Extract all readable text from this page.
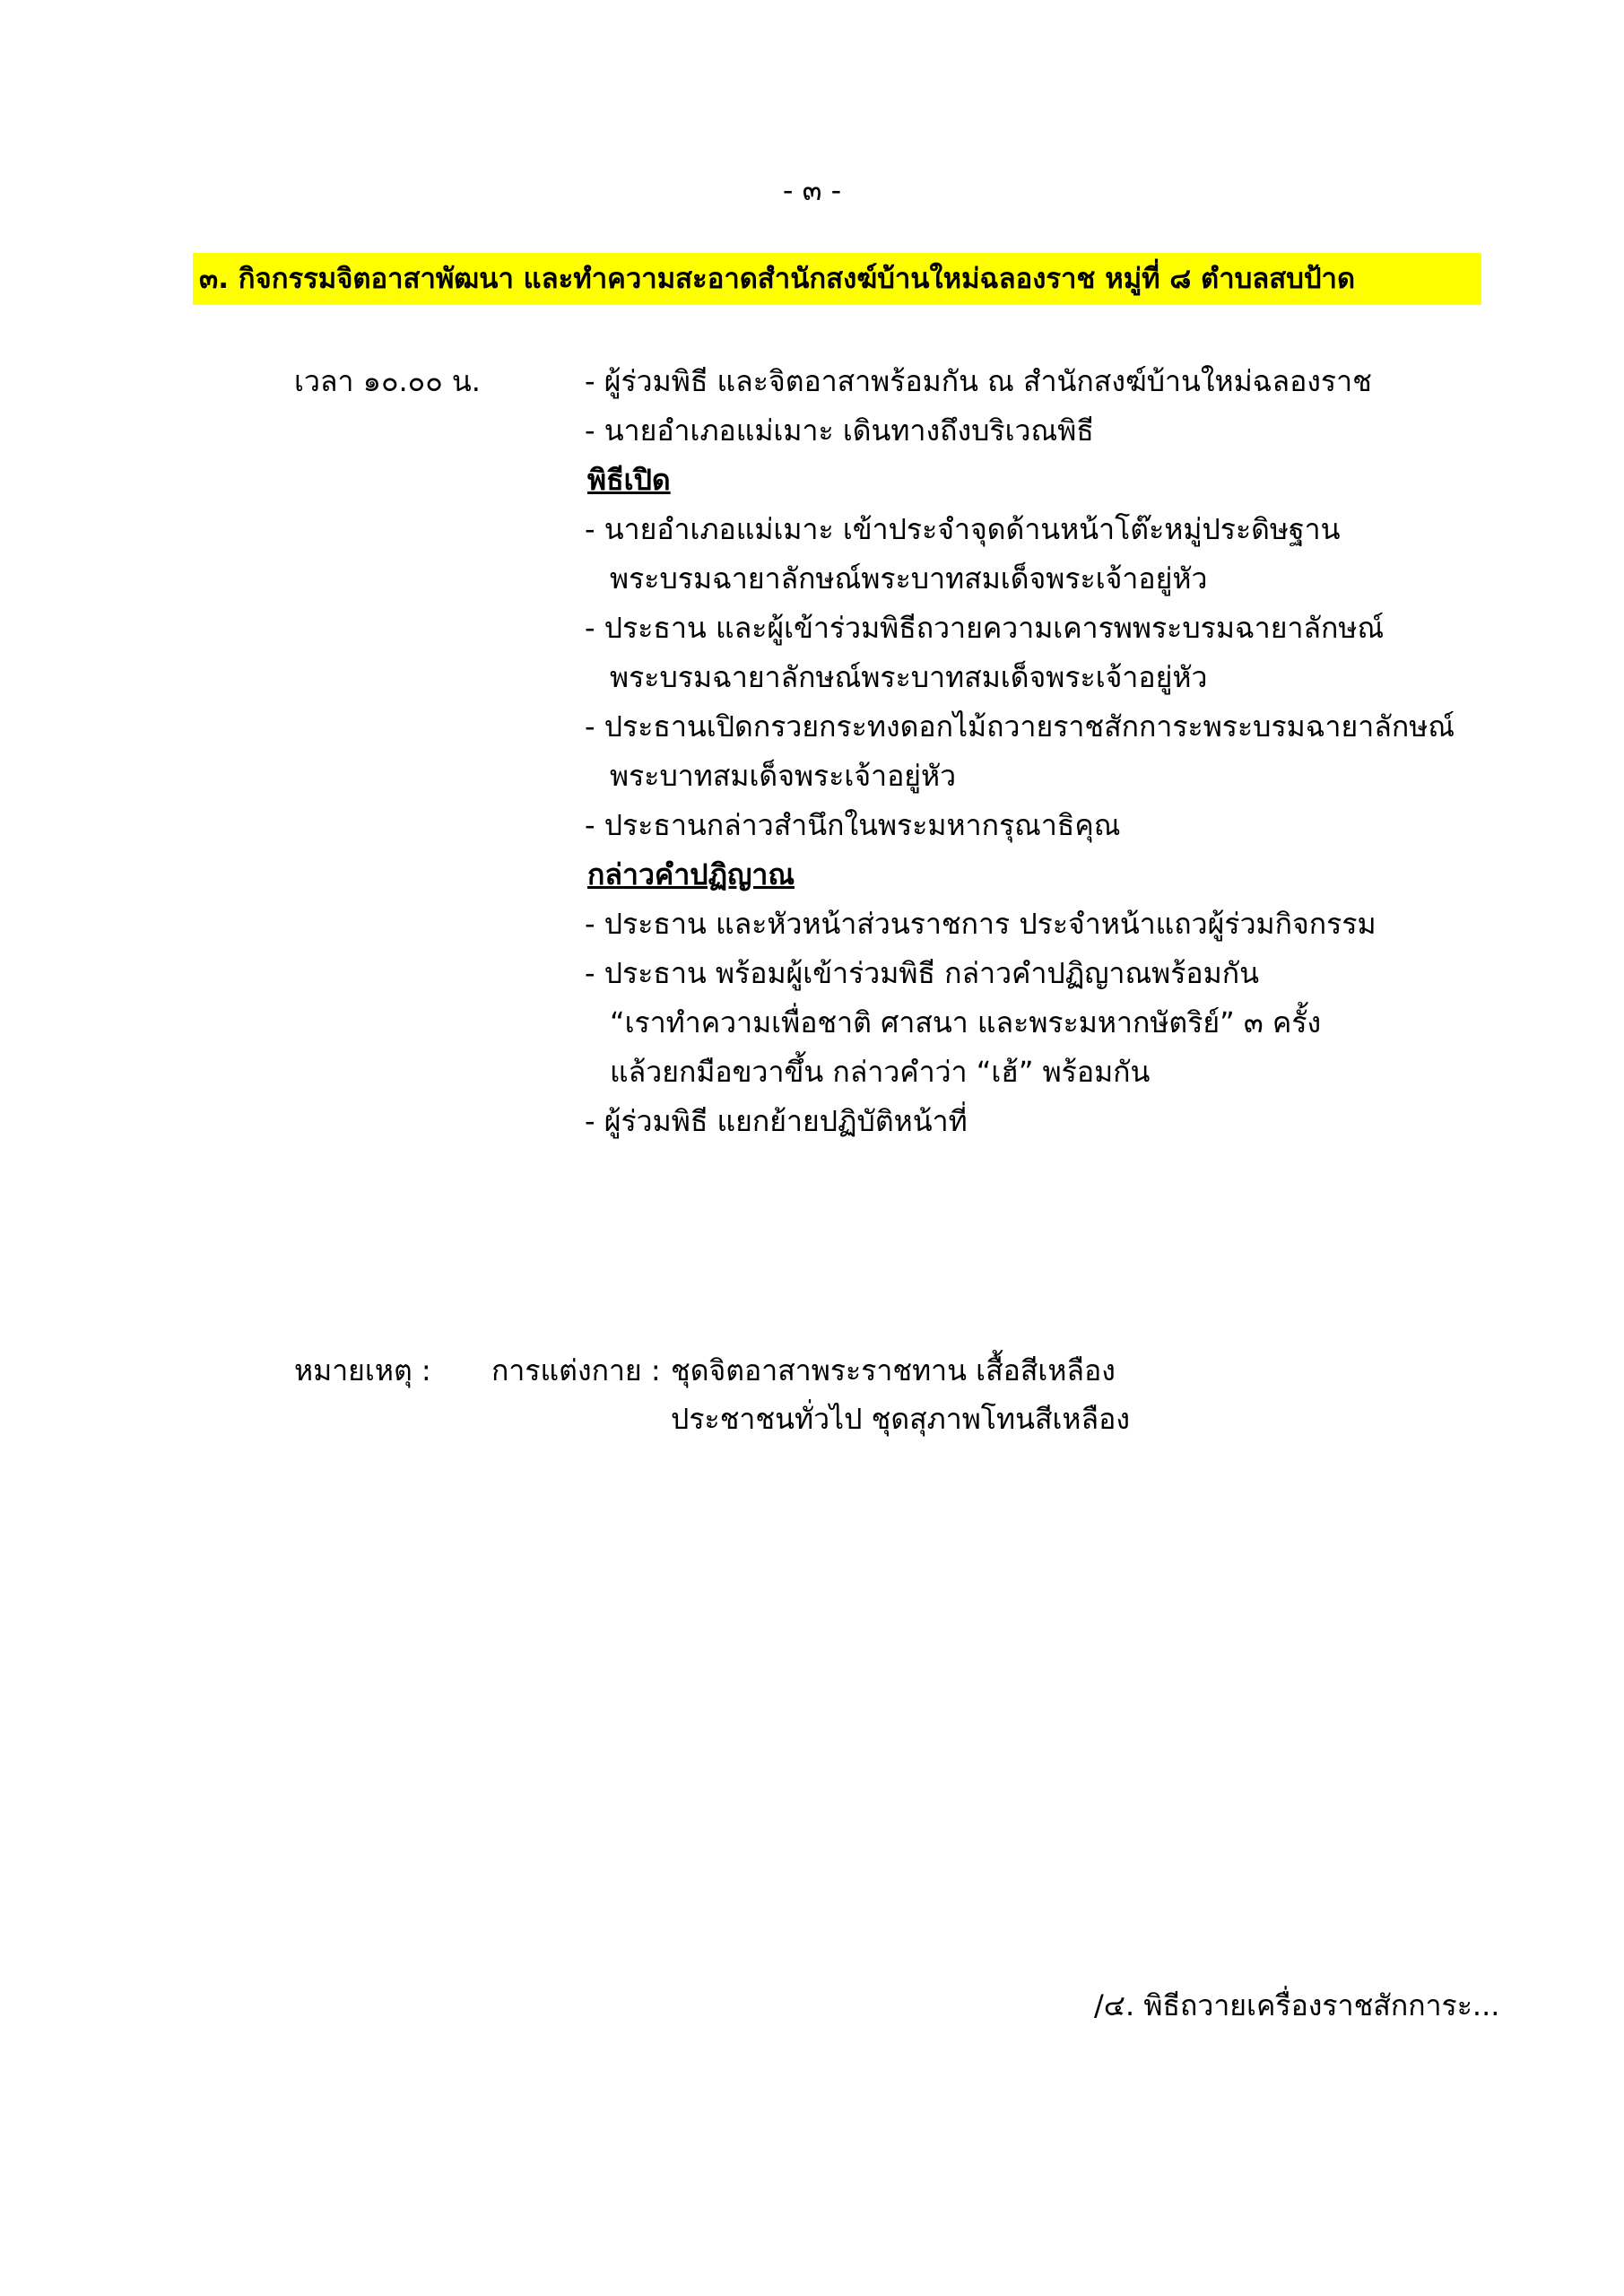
- ๓ -
๓. กิจกรรมจิตอาสาพัฒนา และทำความสะอาดสำนักสงฆ์บ้านใหม่ฉลองราช หมู่ที่ ๘ ตำบลสบป้าด
เวลา ๑๐.๐๐ น.	- ผู้ร่วมพิธี และจิตอาสาพร้อมกัน ณ สำนักสงฆ์บ้านใหม่ฉลองราช
- นายอำเภอแม่เมาะ เดินทางถึงบริเวณพิธี
พิธีเปิด
- นายอำเภอแม่เมาะ เข้าประจำจุดด้านหน้าโต๊ะหมู่ประดิษฐาน
พระบรมฉายาลักษณ์พระบาทสมเด็จพระเจ้าอยู่หัว
- ประธาน และผู้เข้าร่วมพิธีถวายความเคารพพระบรมฉายาลักษณ์
พระบรมฉายาลักษณ์พระบาทสมเด็จพระเจ้าอยู่หัว
- ประธานเปิดกรวยกระทงดอกไม้ถวายราชสักการะพระบรมฉายาลักษณ์
พระบาทสมเด็จพระเจ้าอยู่หัว
- ประธานกล่าวสำนึกในพระมหากรุณาธิคุณ
กล่าวคำปฏิญาณ
- ประธาน และหัวหน้าส่วนราชการ ประจำหน้าแถวผู้ร่วมกิจกรรม
- ประธาน พร้อมผู้เข้าร่วมพิธี กล่าวคำปฏิญาณพร้อมกัน
“เราทำความเพื่อชาติ ศาสนา และพระมหากษัตริย์” ๓ ครั้ง
แล้วยกมือขวาขึ้น กล่าวคำว่า “เฮ้” พร้อมกัน
- ผู้ร่วมพิธี แยกย้ายปฏิบัติหน้าที่
หมายเหตุ : การแต่งกาย : ชุดจิตอาสาพระราชทาน เสื้อสีเหลือง
ประชาชนทั่วไป ชุดสุภาพโทนสีเหลือง
/๔. พิธีถวายเครื่องราชสักการะ...
